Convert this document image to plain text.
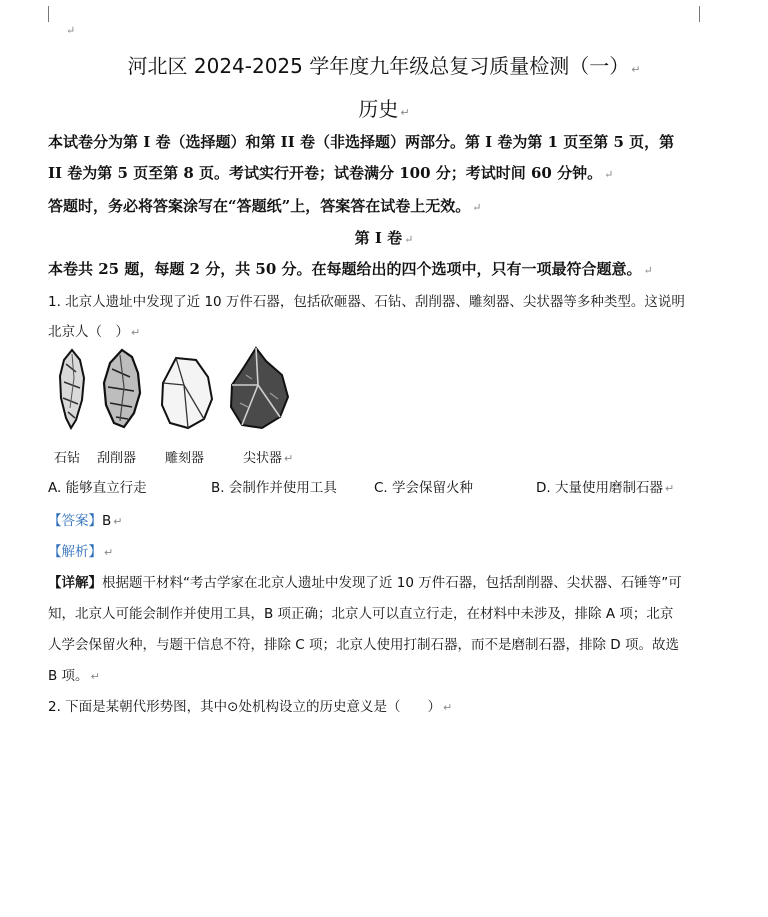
↵
河北区 2024-2025 学年度九年级总复习质量检测（一） ↵
历史 ↵
本试卷分为第 I 卷（选择题）和第 II 卷（非选择题）两部分。第 I 卷为第 1 页至第 5 页，第
II 卷为第 5 页至第 8 页。考试实行开卷；试卷满分 100 分；考试时间 60 分钟。 ↵
答题时，务必将答案涂写在“答题纸”上，答案答在试卷上无效。 ↵
第 I 卷 ↵
本卷共 25 题，每题 2 分，共 50 分。在每题给出的四个选项中，只有一项最符合题意。 ↵
1. 北京人遗址中发现了近 10 万件石器，包括砍砸器、石钻、刮削器、雕刻器、尖状器等多种类型。这说明
北京人（　） ↵
石钻 刮削器 雕刻器	尖状器 ↵
A. 能够直立行走	B. 会制作并使用工具	C. 学会保留火种	D. 大量使用磨制石器 ↵
【答案】B ↵
【解析】 ↵
【详解】根据题干材料“考古学家在北京人遗址中发现了近 10 万件石器，包括刮削器、尖状器、石锤等”可
知，北京人可能会制作并使用工具，B 项正确；北京人可以直立行走，在材料中未涉及，排除 A 项；北京
人学会保留火种，与题干信息不符，排除 C 项；北京人使用打制石器，而不是磨制石器，排除 D 项。故选
B 项。 ↵
2. 下面是某朝代形势图，其中⊙处机构设立的历史意义是（　　） ↵
